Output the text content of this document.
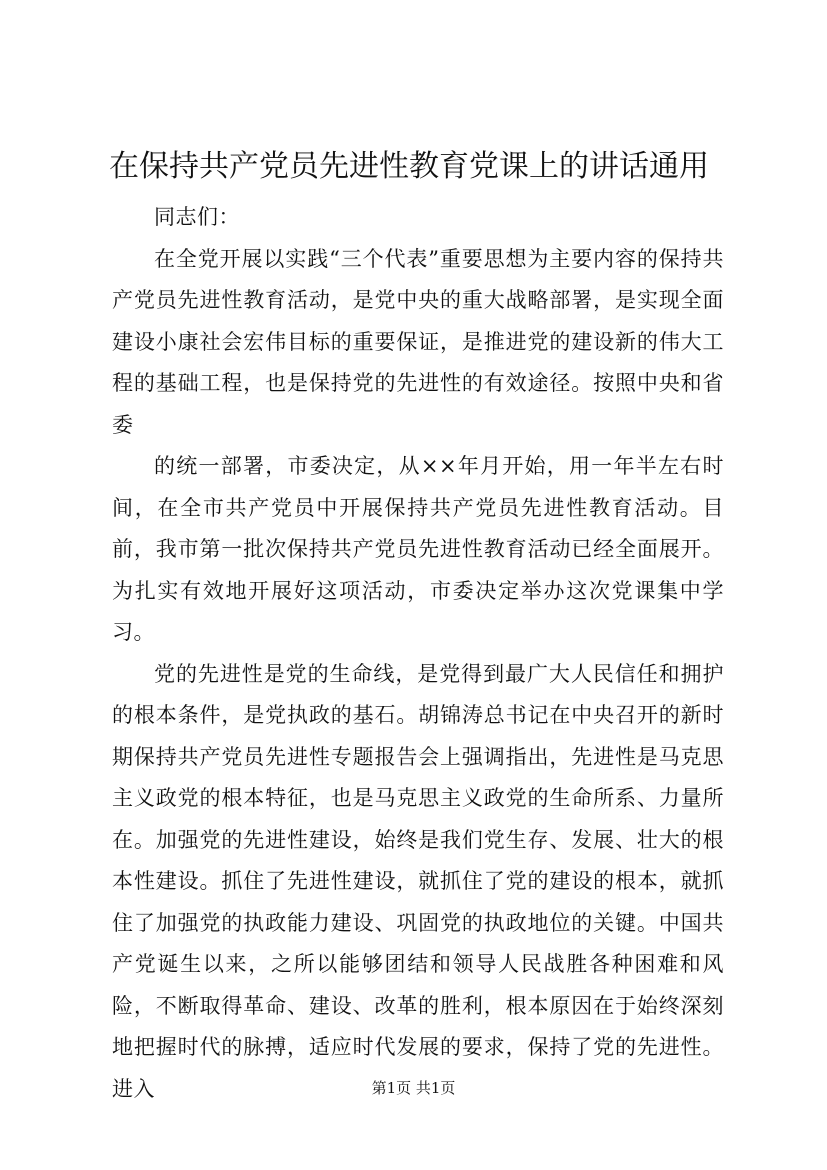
在保持共产党员先进性教育党课上的讲话通用

同志们：

在全党开展以实践“三个代表”重要思想为主要内容的保持共产党员先进性教育活动，是党中央的重大战略部署，是实现全面建设小康社会宏伟目标的重要保证，是推进党的建设新的伟大工程的基础工程，也是保持党的先进性的有效途径。按照中央和省委

的统一部署，市委决定，从××年月开始，用一年半左右时间，在全市共产党员中开展保持共产党员先进性教育活动。目前，我市第一批次保持共产党员先进性教育活动已经全面展开。为扎实有效地开展好这项活动，市委决定举办这次党课集中学习。

党的先进性是党的生命线，是党得到最广大人民信任和拥护的根本条件，是党执政的基石。胡锦涛总书记在中央召开的新时期保持共产党员先进性专题报告会上强调指出，先进性是马克思主义政党的根本特征，也是马克思主义政党的生命所系、力量所在。加强党的先进性建设，始终是我们党生存、发展、壮大的根本性建设。抓住了先进性建设，就抓住了党的建设的根本，就抓住了加强党的执政能力建设、巩固党的执政地位的关键。中国共产党诞生以来，之所以能够团结和领导人民战胜各种困难和风险，不断取得革命、建设、改革的胜利，根本原因在于始终深刻地把握时代的脉搏，适应时代发展的要求，保持了党的先进性。进入	第1页 共1页
